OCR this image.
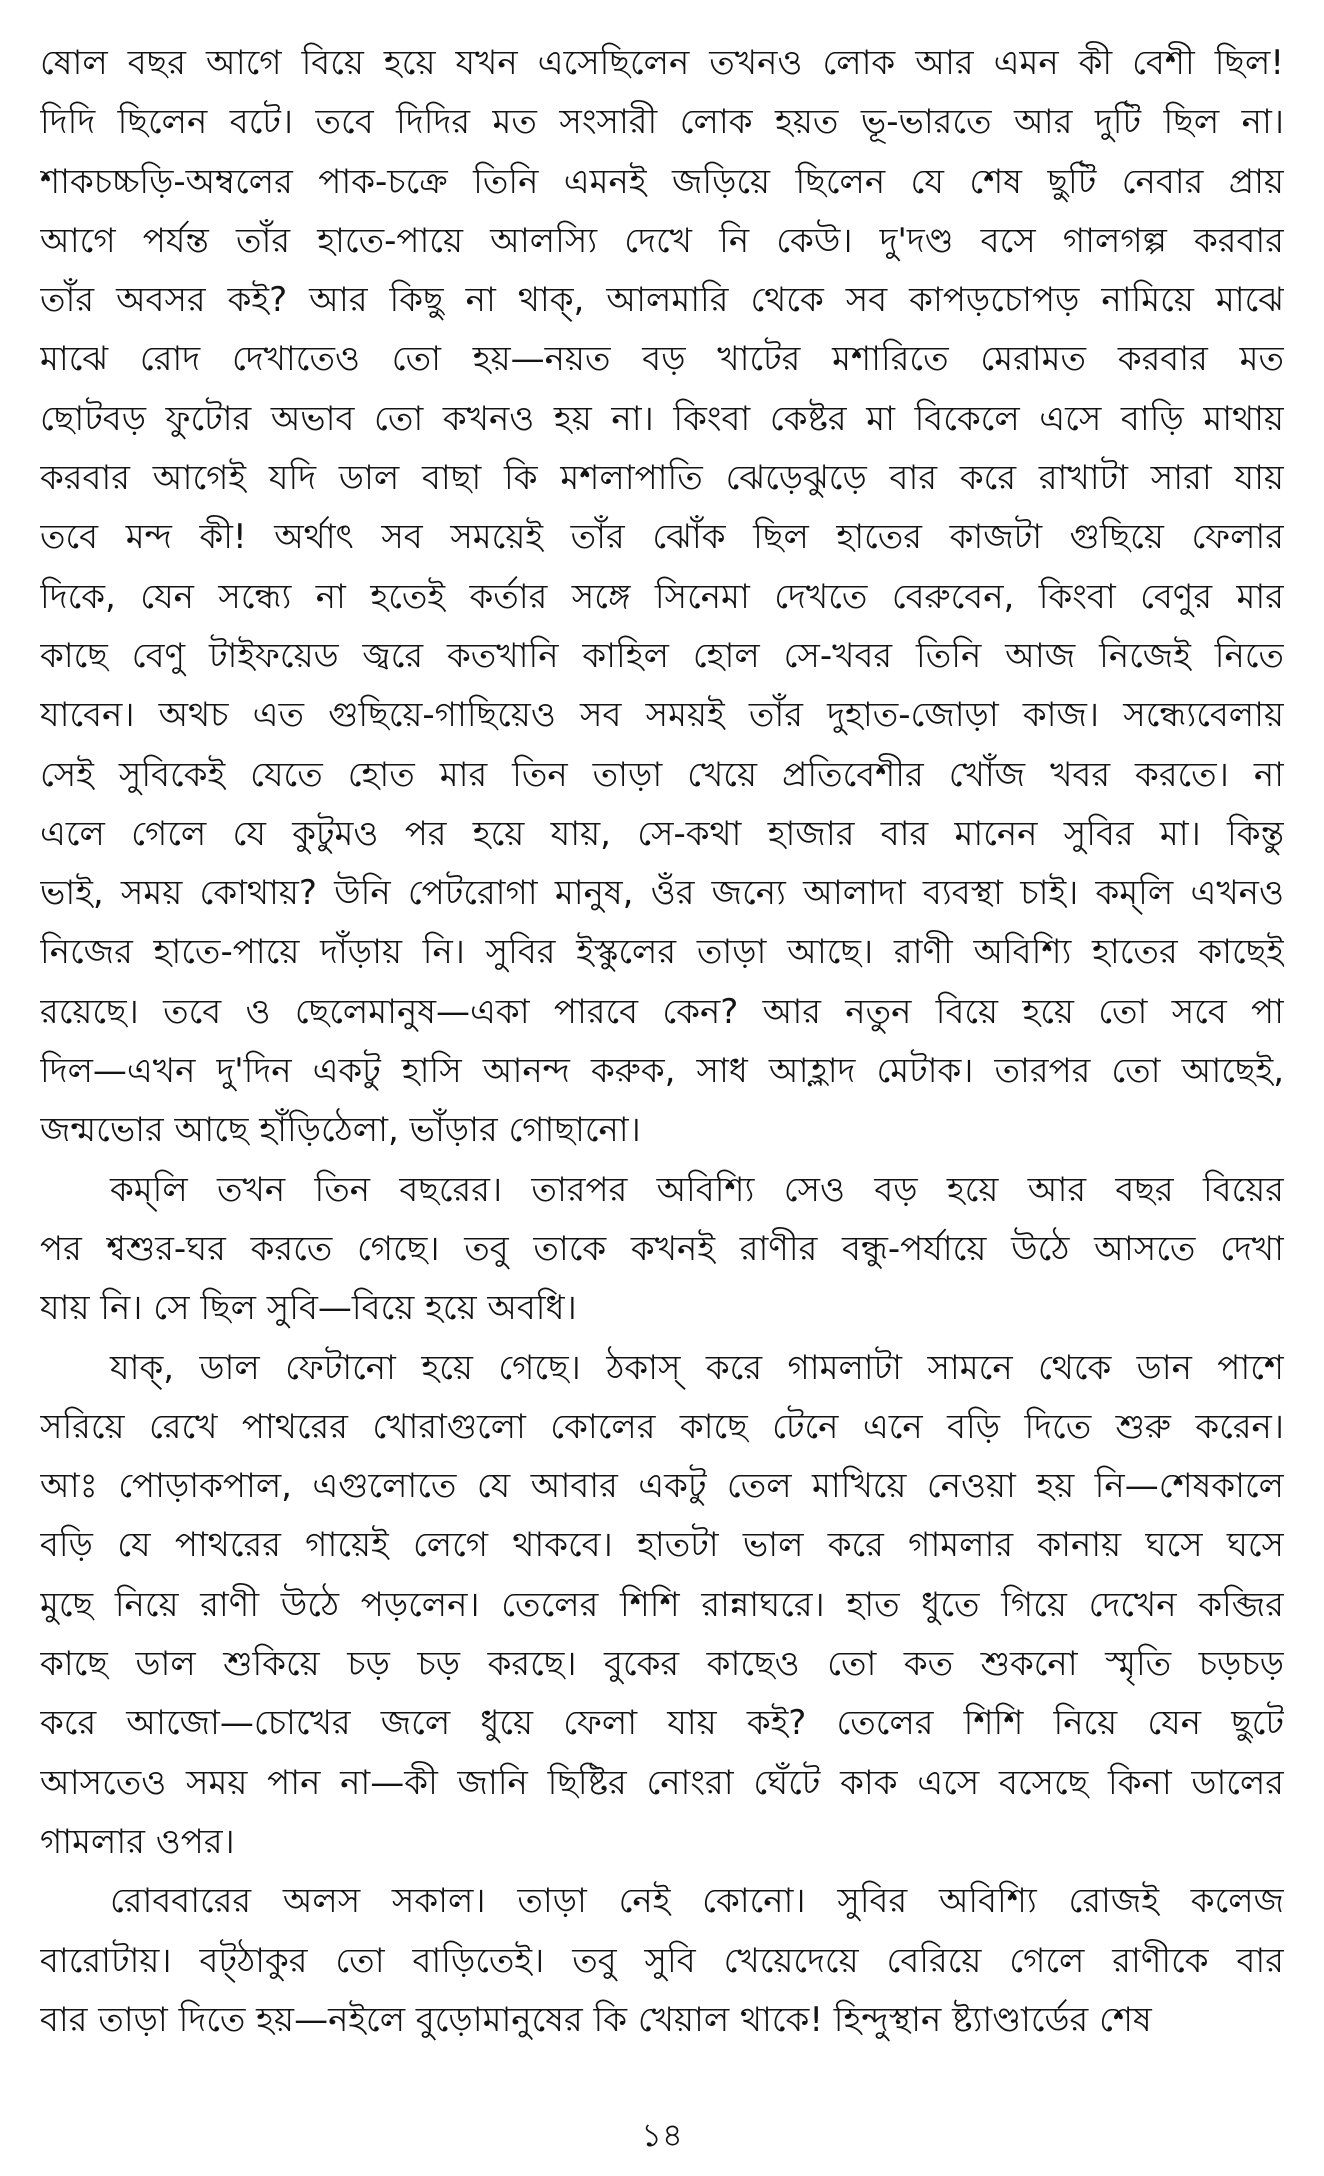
ষোল বছর আগে বিয়ে হয়ে যখন এসেছিলেন তখনও লোক আর এমন কী বেশী ছিল!
দিদি ছিলেন বটে। তবে দিদির মত সংসারী লোক হয়ত ভূ-ভারতে আর দুটি ছিল না।
শাকচচ্চড়ি-অম্বলের পাক-চক্রে তিনি এমনই জড়িয়ে ছিলেন যে শেষ ছুটি নেবার প্রায়
আগে পর্যন্ত তাঁর হাতে-পায়ে আলস্যি দেখে নি কেউ। দু'দণ্ড বসে গালগল্প করবার
তাঁর অবসর কই? আর কিছু না থাক্‌, আলমারি থেকে সব কাপড়চোপড় নামিয়ে মাঝে
মাঝে রোদ দেখাতেও তো হয়—নয়ত বড় খাটের মশারিতে মেরামত করবার মত
ছোটবড় ফুটোর অভাব তো কখনও হয় না। কিংবা কেষ্টর মা বিকেলে এসে বাড়ি মাথায়
করবার আগেই যদি ডাল বাছা কি মশলাপাতি ঝেড়েঝুড়ে বার করে রাখাটা সারা যায়
তবে মন্দ কী! অর্থাৎ সব সময়েই তাঁর ঝোঁক ছিল হাতের কাজটা গুছিয়ে ফেলার
দিকে, যেন সন্ধ্যে না হতেই কর্তার সঙ্গে সিনেমা দেখতে বেরুবেন, কিংবা বেণুর মার
কাছে বেণু টাইফয়েড জ্বরে কতখানি কাহিল হোল সে-খবর তিনি আজ নিজেই নিতে
যাবেন। অথচ এত গুছিয়ে-গাছিয়েও সব সময়ই তাঁর দুহাত-জোড়া কাজ। সন্ধ্যেবেলায়
সেই সুবিকেই যেতে হোত মার তিন তাড়া খেয়ে প্রতিবেশীর খোঁজ খবর করতে। না
এলে গেলে যে কুটুমও পর হয়ে যায়, সে-কথা হাজার বার মানেন সুবির মা। কিন্তু
ভাই, সময় কোথায়? উনি পেটরোগা মানুষ, ওঁর জন্যে আলাদা ব্যবস্থা চাই। কম্‌লি এখনও
নিজের হাতে-পায়ে দাঁড়ায় নি। সুবির ইস্কুলের তাড়া আছে। রাণী অবিশ্যি হাতের কাছেই
রয়েছে। তবে ও ছেলেমানুষ—একা পারবে কেন? আর নতুন বিয়ে হয়ে তো সবে পা
দিল—এখন দু'দিন একটু হাসি আনন্দ করুক, সাধ আহ্লাদ মেটাক। তারপর তো আছেই,
জন্মভোর আছে হাঁড়িঠেলা, ভাঁড়ার গোছানো।
কম্‌লি তখন তিন বছরের। তারপর অবিশ্যি সেও বড় হয়ে আর বছর বিয়ের
পর শ্বশুর-ঘর করতে গেছে। তবু তাকে কখনই রাণীর বন্ধু-পর্যায়ে উঠে আসতে দেখা
যায় নি। সে ছিল সুবি—বিয়ে হয়ে অবধি।
যাক্‌, ডাল ফেটানো হয়ে গেছে। ঠকাস্‌ করে গামলাটা সামনে থেকে ডান পাশে
সরিয়ে রেখে পাথরের খোরাগুলো কোলের কাছে টেনে এনে বড়ি দিতে শুরু করেন।
আঃ পোড়াকপাল, এগুলোতে যে আবার একটু তেল মাখিয়ে নেওয়া হয় নি—শেষকালে
বড়ি যে পাথরের গায়েই লেগে থাকবে। হাতটা ভাল করে গামলার কানায় ঘসে ঘসে
মুছে নিয়ে রাণী উঠে পড়লেন। তেলের শিশি রান্নাঘরে। হাত ধুতে গিয়ে দেখেন কব্জির
কাছে ডাল শুকিয়ে চড় চড় করছে। বুকের কাছেও তো কত শুকনো স্মৃতি চড়চড়
করে আজো—চোখের জলে ধুয়ে ফেলা যায় কই? তেলের শিশি নিয়ে যেন ছুটে
আসতেও সময় পান না—কী জানি ছিষ্টির নোংরা ঘেঁটে কাক এসে বসেছে কিনা ডালের
গামলার ওপর।
রোববারের অলস সকাল। তাড়া নেই কোনো। সুবির অবিশ্যি রোজই কলেজ
বারোটায়। বট্‌ঠাকুর তো বাড়িতেই। তবু সুবি খেয়েদেয়ে বেরিয়ে গেলে রাণীকে বার
বার তাড়া দিতে হয়—নইলে বুড়োমানুষের কি খেয়াল থাকে! হিন্দুস্থান ষ্ট্যাণ্ডার্ডের শেষ
১৪
